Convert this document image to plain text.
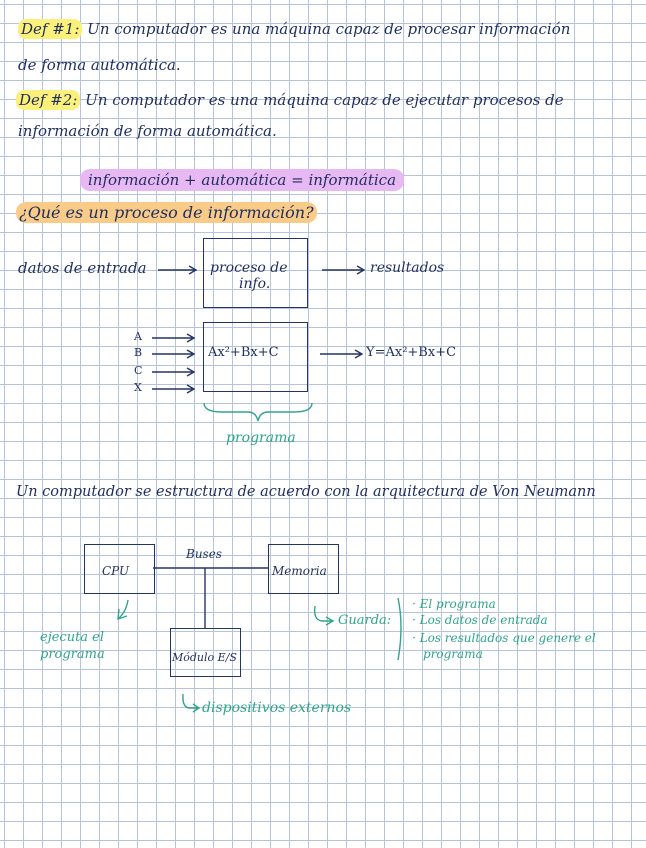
Def #1: Un computador es una máquina capaz de procesar información
de forma automática.
Def #2: Un computador es una máquina capaz de ejecutar procesos de
información de forma automática.
información + automática = informática
¿Qué es un proceso de información?
datos de entrada	proceso de
info.
resultados
A
B
C
X
Ax²+Bx+C	Y=Ax²+Bx+C
programa
Un computador se estructura de acuerdo con la arquitectura de Von Neumann
CPU
Buses
Memoria
Módulo E/S
ejecuta el
programa
Guarda:
· El programa
· Los datos de entrada
· Los resultados que genere el
programa
dispositivos externos
